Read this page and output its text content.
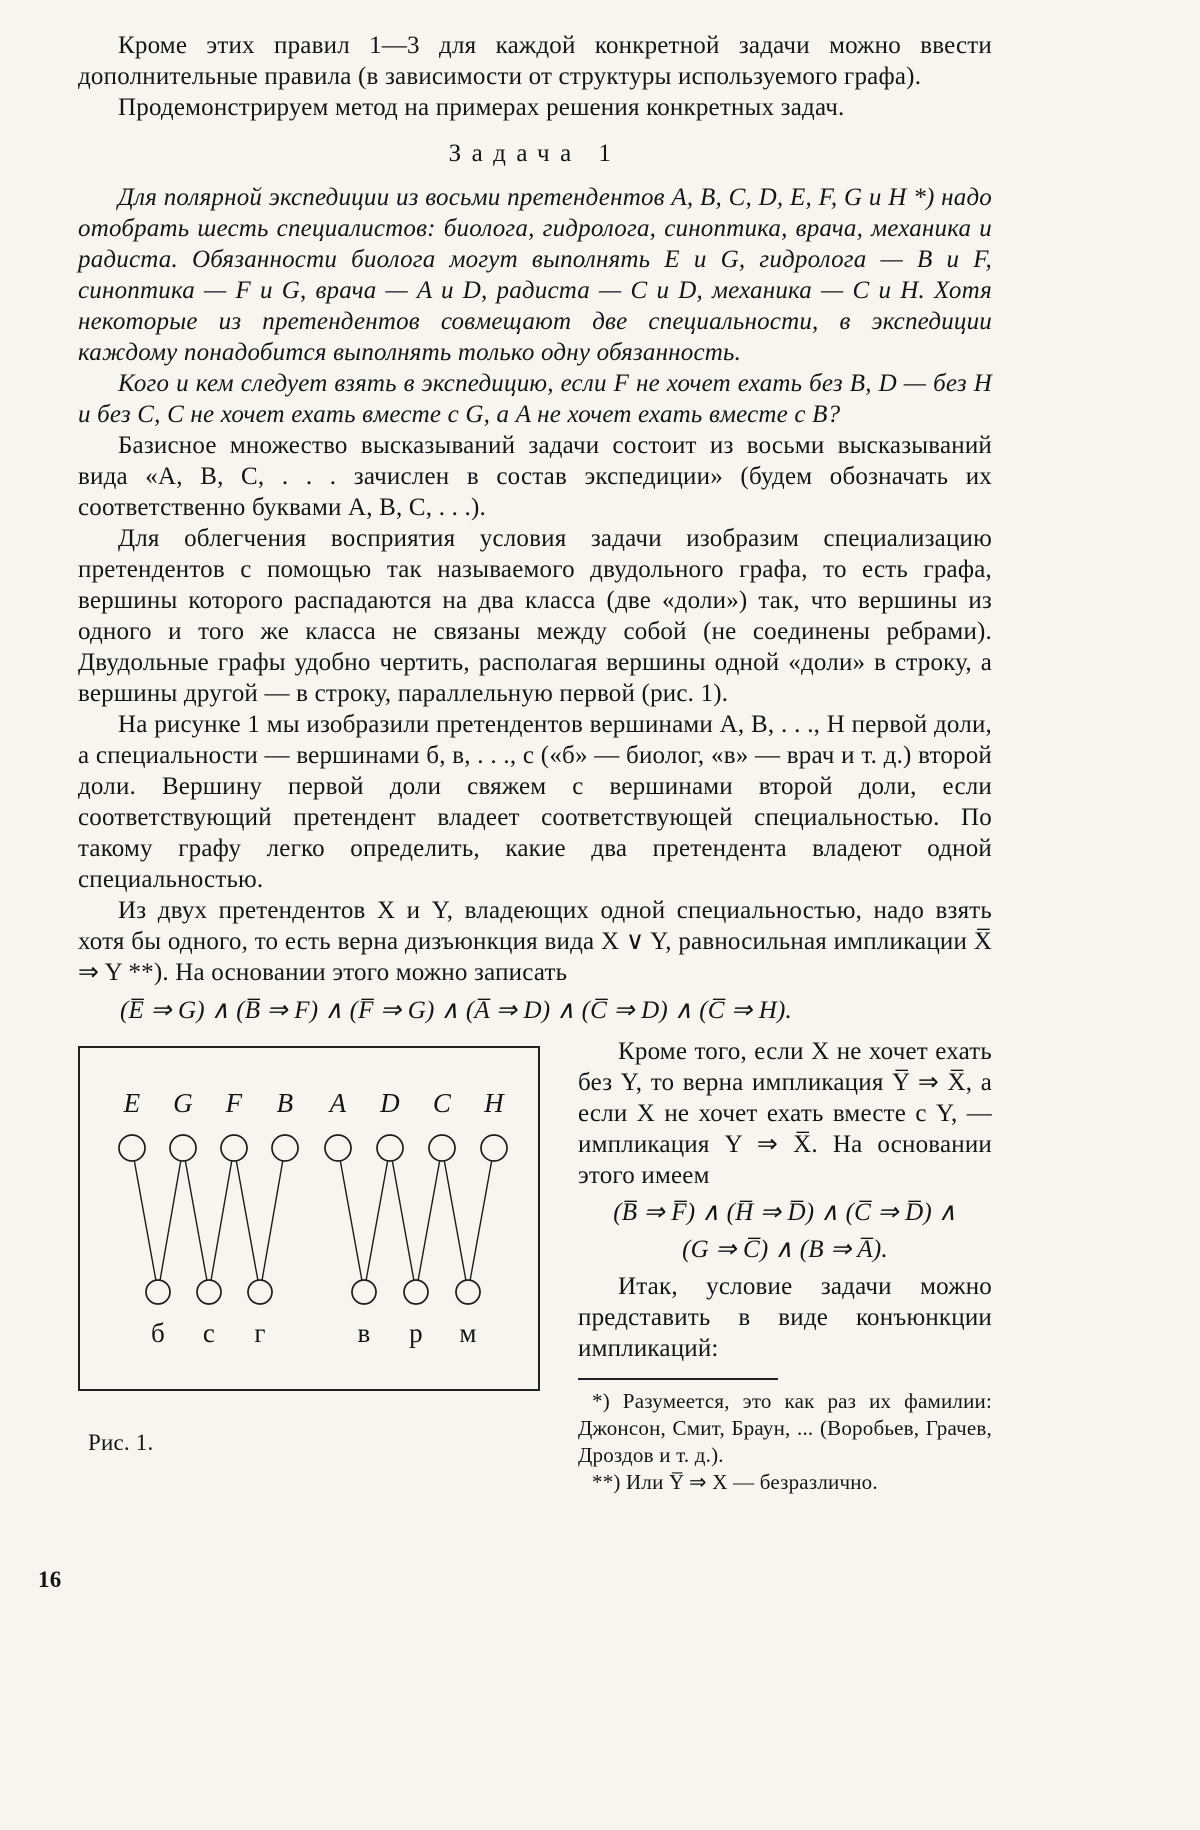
Кроме этих правил 1—3 для каждой конкретной задачи можно ввести дополнительные правила (в зависимости от структуры используемого графа).

Продемонстрируем метод на примерах решения конкретных задач.

Задача 1

Для полярной экспедиции из восьми претендентов A, B, C, D, E, F, G и H *) надо отобрать шесть специалистов: биолога, гидролога, синоптика, врача, механика и радиста. Обязанности биолога могут выполнять E и G, гидролога — B и F, синоптика — F и G, врача — A и D, радиста — C и D, механика — C и H. Хотя некоторые из претендентов совмещают две специальности, в экспедиции каждому понадобится выполнять только одну обязанность.

Кого и кем следует взять в экспедицию, если F не хочет ехать без B, D — без H и без C, C не хочет ехать вместе с G, а A не хочет ехать вместе с B?

Базисное множество высказываний задачи состоит из восьми высказываний вида «A, B, C, . . . зачислен в состав экспедиции» (будем обозначать их соответственно буквами A, B, C, . . .).

Для облегчения восприятия условия задачи изобразим специализацию претендентов с помощью так называемого двудольного графа, то есть графа, вершины которого распадаются на два класса (две «доли») так, что вершины из одного и того же класса не связаны между собой (не соединены ребрами). Двудольные графы удобно чертить, располагая вершины одной «доли» в строку, а вершины другой — в строку, параллельную первой (рис. 1).

На рисунке 1 мы изобразили претендентов вершинами A, B, . . ., H первой доли, а специальности — вершинами б, в, . . ., с («б» — биолог, «в» — врач и т. д.) второй доли. Вершину первой доли свяжем с вершинами второй доли, если соответствующий претендент владеет соответствующей специальностью. По такому графу легко определить, какие два претендента владеют одной специальностью.

Из двух претендентов X и Y, владеющих одной специальностью, надо взять хотя бы одного, то есть верна дизъюнкция вида X ∨ Y, равносильная импликации X̅ ⇒ Y **). На основании этого можно записать

(E̅ ⇒ G) ∧ (B̅ ⇒ F) ∧ (F̅ ⇒ G) ∧ (A̅ ⇒ D) ∧ (C̅ ⇒ D) ∧ (C̅ ⇒ H).

E G F B A D C H
б с г	в р м

Рис. 1.

Кроме того, если X не хочет ехать без Y, то верна импликация Y̅ ⇒ X̅, а если X не хочет ехать вместе с Y, — импликация Y ⇒ X̅. На основании этого имеем

(B̅ ⇒ F̅) ∧ (H̅ ⇒ D̅) ∧ (C̅ ⇒ D̅) ∧

(G ⇒ C̅) ∧ (B ⇒ A̅).

Итак, условие задачи можно представить в виде конъюнкции импликаций:

*) Разумеется, это как раз их фамилии: Джонсон, Смит, Браун, ... (Воробьев, Грачев, Дроздов и т. д.).

**) Или Y̅ ⇒ X — безразлично.

16
